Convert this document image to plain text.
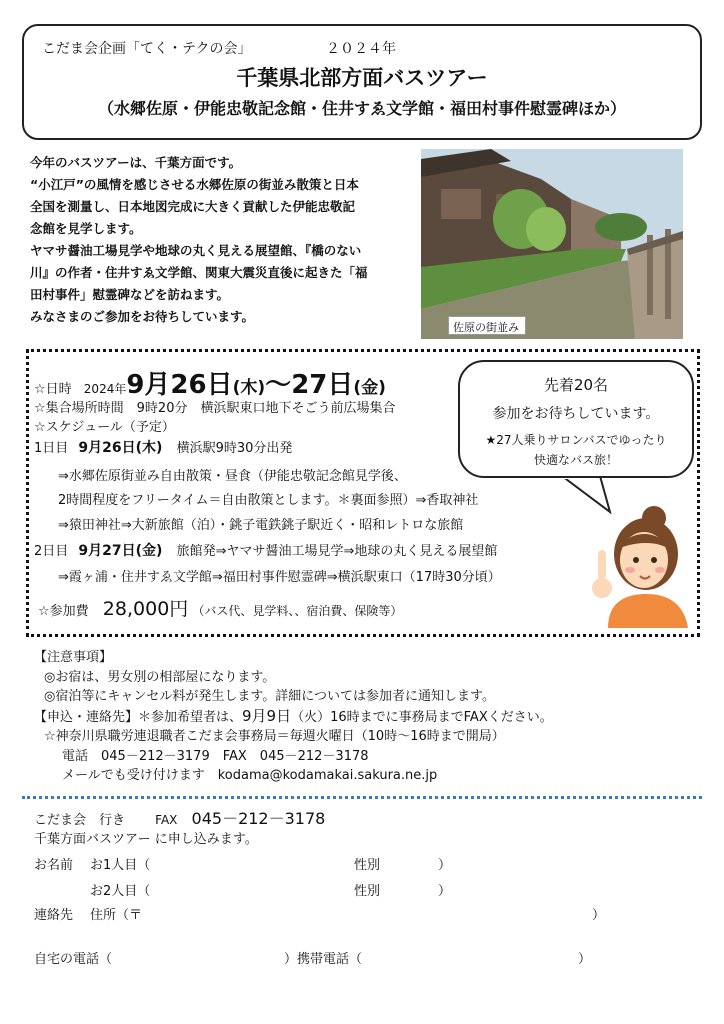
こだま会企画「てく・テクの会」	２０２４年
千葉県北部方面バスツアー
（水郷佐原・伊能忠敬記念館・住井すゑ文学館・福田村事件慰霊碑ほか）
今年のバスツアーは、千葉方面です。
“小江戸”の風情を感じさせる水郷佐原の街並み散策と日本
全国を測量し、日本地図完成に大きく貢献した伊能忠敬記
念館を見学します。
ヤマサ醤油工場見学や地球の丸く見える展望館、『橋のない
川』の作者・住井すゑ文学館、関東大震災直後に起きた「福
田村事件」慰霊碑などを訪ねます。
みなさまのご参加をお待ちしています。
佐原の街並み
☆日時 2024年9月26日(木)～27日(金)
☆集合場所時間　9時20分　横浜駅東口地下そごう前広場集合
☆スケジュール（予定）
1日目 9月26日(木) 横浜駅9時30分出発
⇒水郷佐原街並み自由散策・昼食（伊能忠敬記念館見学後、
2時間程度をフリータイム＝自由散策とします。＊裏面参照）⇒香取神社
⇒猿田神社⇒大新旅館（泊）・銚子電鉄銚子駅近く・昭和レトロな旅館
2日目 9月27日(金) 旅館発⇒ヤマサ醤油工場見学⇒地球の丸く見える展望館
⇒霞ヶ浦・住井すゑ文学館⇒福田村事件慰霊碑⇒横浜駅東口（17時30分頃）
☆参加費 28,000円 （バス代、見学料、、宿泊費、保険等）
先着20名
参加をお待ちしています。
★27人乗りサロンバスでゆったり
快適なバス旅！
【注意事項】
◎お宿は、男女別の相部屋になります。
◎宿泊等にキャンセル料が発生します。詳細については参加者に通知します。
【申込・連絡先】＊参加希望者は、9月9日（火）16時までに事務局までFAXください。
☆神奈川県職労連退職者こだま会事務局＝毎週火曜日（10時～16時まで開局）
電話　045－212－3179　FAX　045－212－3178
メールでも受け付けます　kodama@kodamakai.sakura.ne.jp
こだま会　行き	FAX 045－212－3178
千葉方面バスツアー に申し込みます。
お名前 お1人目（	性別	）
お2人目（	性別	）
連絡先 住所（〒	）
自宅の電話（	）携帯電話（	）
